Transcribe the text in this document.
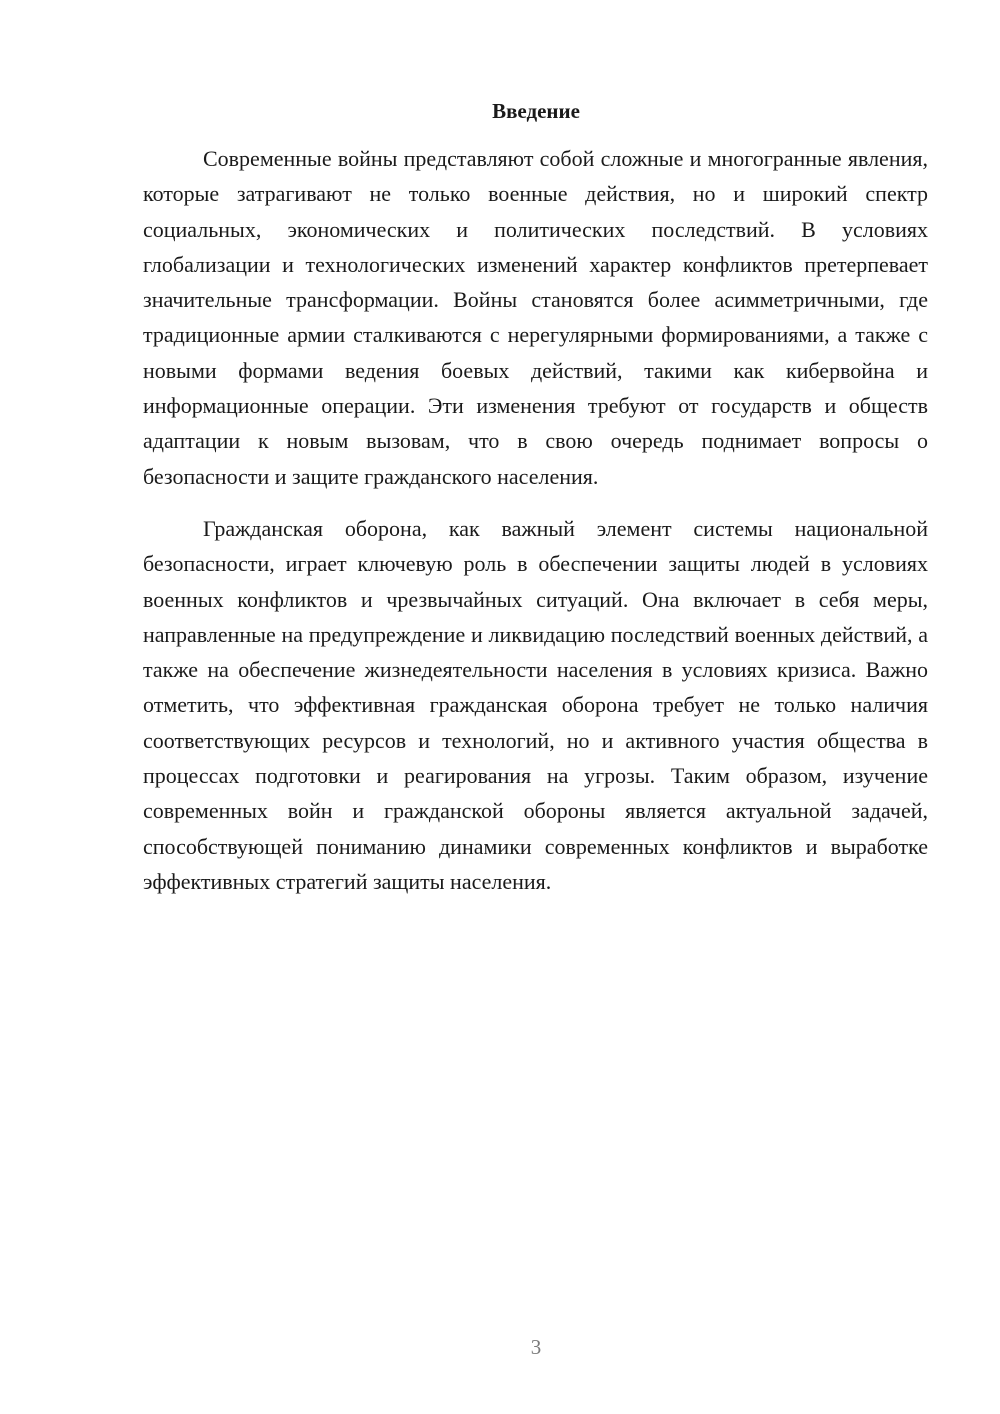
Введение

Современные войны представляют собой сложные и многогранные явления, которые затрагивают не только военные действия, но и широкий спектр социальных, экономических и политических последствий. В условиях глобализации и технологических изменений характер конфликтов претерпевает значительные трансформации. Войны становятся более асимметричными, где традиционные армии сталкиваются с нерегулярными формированиями, а также с новыми формами ведения боевых действий, такими как кибервойна и информационные операции. Эти изменения требуют от государств и обществ адаптации к новым вызовам, что в свою очередь поднимает вопросы о безопасности и защите гражданского населения.

Гражданская оборона, как важный элемент системы национальной безопасности, играет ключевую роль в обеспечении защиты людей в условиях военных конфликтов и чрезвычайных ситуаций. Она включает в себя меры, направленные на предупреждение и ликвидацию последствий военных действий, а также на обеспечение жизнедеятельности населения в условиях кризиса. Важно отметить, что эффективная гражданская оборона требует не только наличия соответствующих ресурсов и технологий, но и активного участия общества в процессах подготовки и реагирования на угрозы. Таким образом, изучение современных войн и гражданской обороны является актуальной задачей, способствующей пониманию динамики современных конфликтов и выработке эффективных стратегий защиты населения.

3
